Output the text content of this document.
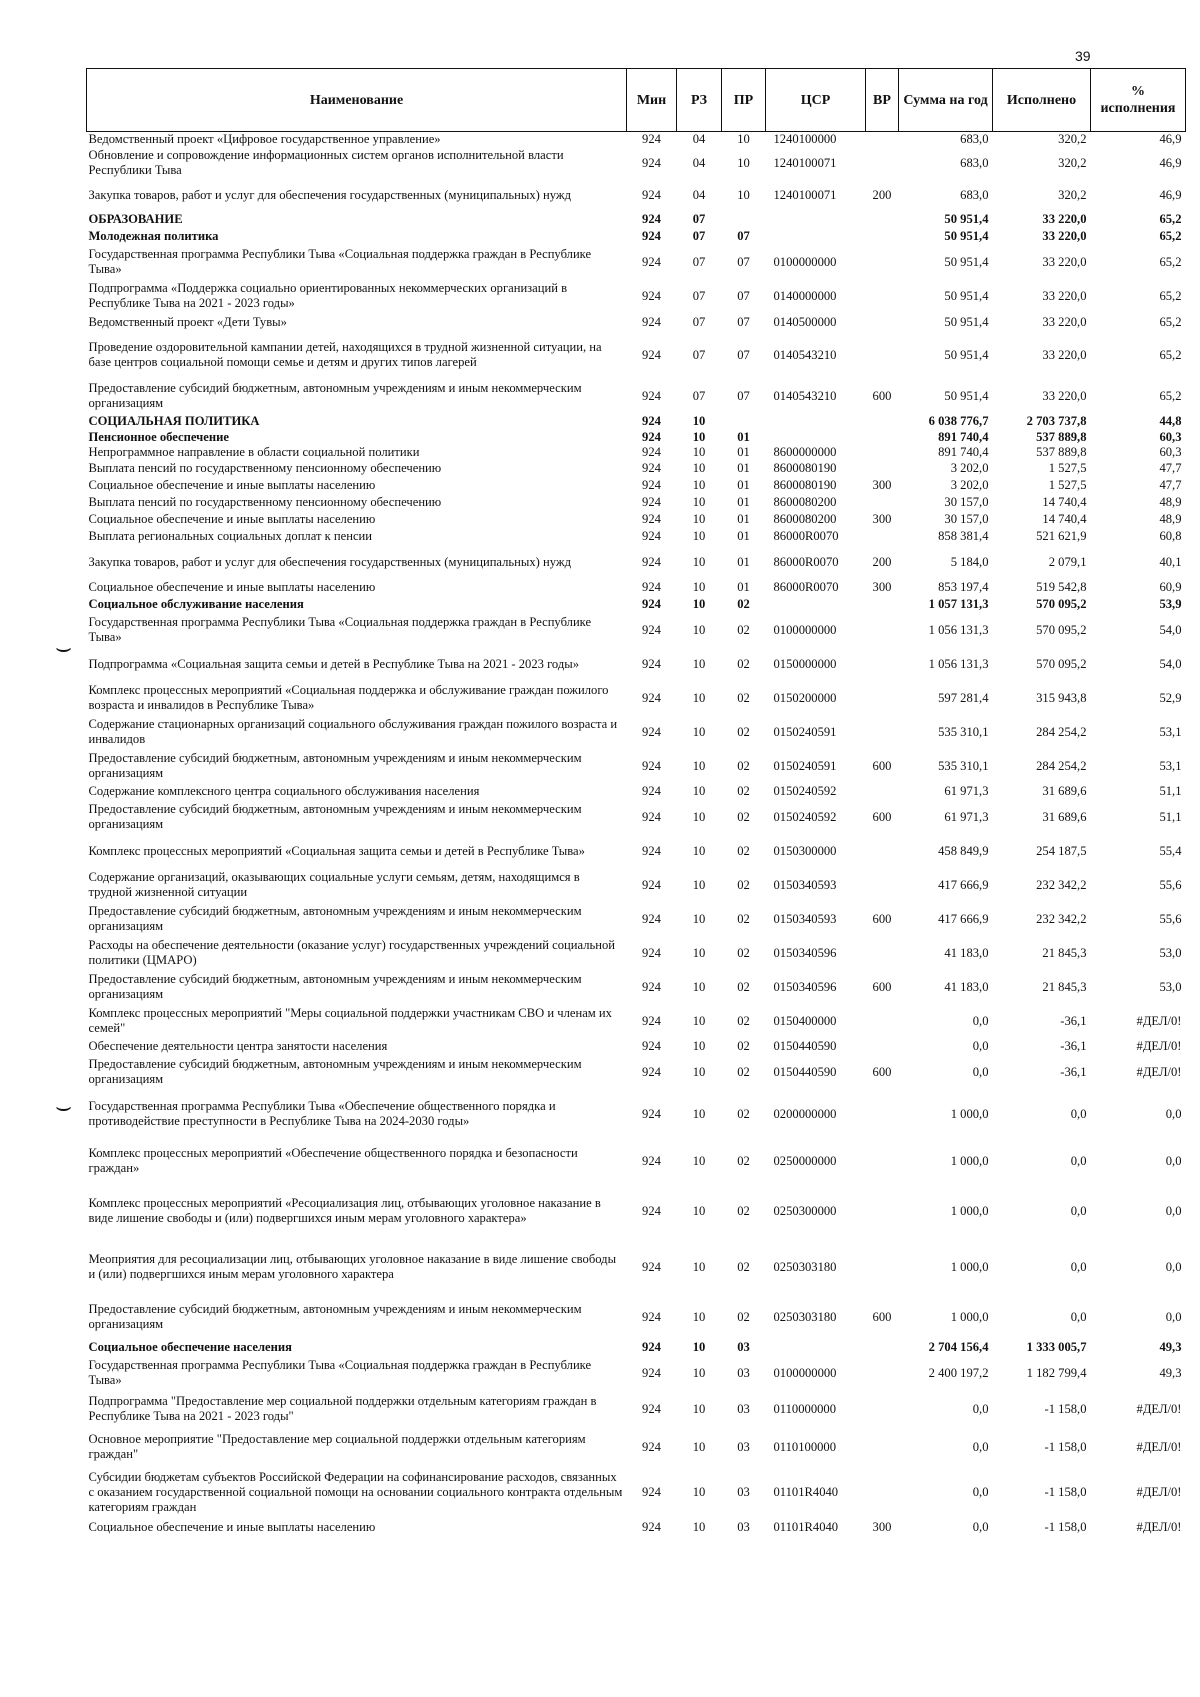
39
⌣
⌣
Наименование	Мин	РЗ	ПР	ЦСР	ВР	Сумма на год	Исполнено	% исполнения
Ведомственный проект «Цифровое государственное управление»	924	04	10	1240100000		683,0	320,2	46,9
Обновление и сопровождение информационных систем органов исполнительной власти Республики Тыва	924	04	10	1240100071		683,0	320,2	46,9
Закупка товаров, работ и услуг для обеспечения государственных (муниципальных) нужд	924	04	10	1240100071	200	683,0	320,2	46,9
ОБРАЗОВАНИЕ	924	07				50 951,4	33 220,0	65,2
Молодежная политика	924	07	07			50 951,4	33 220,0	65,2
Государственная программа Республики Тыва «Социальная поддержка граждан в Республике Тыва»	924	07	07	0100000000		50 951,4	33 220,0	65,2
Подпрограмма «Поддержка социально ориентированных некоммерческих организаций в Республике Тыва на 2021 - 2023 годы»	924	07	07	0140000000		50 951,4	33 220,0	65,2
Ведомственный проект «Дети Тувы»	924	07	07	0140500000		50 951,4	33 220,0	65,2
Проведение оздоровительной кампании детей, находящихся в трудной жизненной ситуации, на базе центров социальной помощи семье и детям и других типов лагерей	924	07	07	0140543210		50 951,4	33 220,0	65,2
Предоставление субсидий бюджетным, автономным учреждениям и иным некоммерческим организациям	924	07	07	0140543210	600	50 951,4	33 220,0	65,2
СОЦИАЛЬНАЯ ПОЛИТИКА	924	10				6 038 776,7	2 703 737,8	44,8
Пенсионное обеспечение	924	10	01			891 740,4	537 889,8	60,3
Непрограммное направление в области социальной политики	924	10	01	8600000000		891 740,4	537 889,8	60,3
Выплата пенсий по государственному пенсионному обеспечению	924	10	01	8600080190		3 202,0	1 527,5	47,7
Социальное обеспечение и иные выплаты населению	924	10	01	8600080190	300	3 202,0	1 527,5	47,7
Выплата пенсий по государственному пенсионному обеспечению	924	10	01	8600080200		30 157,0	14 740,4	48,9
Социальное обеспечение и иные выплаты населению	924	10	01	8600080200	300	30 157,0	14 740,4	48,9
Выплата региональных социальных доплат к пенсии	924	10	01	86000R0070		858 381,4	521 621,9	60,8
Закупка товаров, работ и услуг для обеспечения государственных (муниципальных) нужд	924	10	01	86000R0070	200	5 184,0	2 079,1	40,1
Социальное обеспечение и иные выплаты населению	924	10	01	86000R0070	300	853 197,4	519 542,8	60,9
Социальное обслуживание населения	924	10	02			1 057 131,3	570 095,2	53,9
Государственная программа Республики Тыва «Социальная поддержка граждан в Республике Тыва»	924	10	02	0100000000		1 056 131,3	570 095,2	54,0
Подпрограмма «Социальная защита семьи и детей в Республике Тыва на 2021 - 2023 годы»	924	10	02	0150000000		1 056 131,3	570 095,2	54,0
Комплекс процессных мероприятий «Социальная поддержка и обслуживание граждан пожилого возраста и инвалидов в Республике Тыва»	924	10	02	0150200000		597 281,4	315 943,8	52,9
Содержание стационарных организаций социального обслуживания граждан пожилого возраста и инвалидов	924	10	02	0150240591		535 310,1	284 254,2	53,1
Предоставление субсидий бюджетным, автономным учреждениям и иным некоммерческим организациям	924	10	02	0150240591	600	535 310,1	284 254,2	53,1
Содержание комплексного центра социального обслуживания населения	924	10	02	0150240592		61 971,3	31 689,6	51,1
Предоставление субсидий бюджетным, автономным учреждениям и иным некоммерческим организациям	924	10	02	0150240592	600	61 971,3	31 689,6	51,1
Комплекс процессных мероприятий «Социальная защита семьи и детей в Республике Тыва»	924	10	02	0150300000		458 849,9	254 187,5	55,4
Содержание организаций, оказывающих социальные услуги семьям, детям, находящимся в трудной жизненной ситуации	924	10	02	0150340593		417 666,9	232 342,2	55,6
Предоставление субсидий бюджетным, автономным учреждениям и иным некоммерческим организациям	924	10	02	0150340593	600	417 666,9	232 342,2	55,6
Расходы на обеспечение деятельности (оказание услуг) государственных учреждений социальной политики (ЦМАРО)	924	10	02	0150340596		41 183,0	21 845,3	53,0
Предоставление субсидий бюджетным, автономным учреждениям и иным некоммерческим организациям	924	10	02	0150340596	600	41 183,0	21 845,3	53,0
Комплекс процессных мероприятий "Меры социальной поддержки участникам СВО и членам их семей"	924	10	02	0150400000		0,0	-36,1	#ДЕЛ/0!
Обеспечение деятельности центра занятости населения	924	10	02	0150440590		0,0	-36,1	#ДЕЛ/0!
Предоставление субсидий бюджетным, автономным учреждениям и иным некоммерческим организациям	924	10	02	0150440590	600	0,0	-36,1	#ДЕЛ/0!
Государственная программа Республики Тыва «Обеспечение общественного порядка и противодействие преступности в Республике Тыва на 2024-2030 годы»	924	10	02	0200000000		1 000,0	0,0	0,0
Комплекс процессных мероприятий «Обеспечение общественного порядка и безопасности граждан»	924	10	02	0250000000		1 000,0	0,0	0,0
Комплекс процессных мероприятий «Ресоциализация лиц, отбывающих уголовное наказание в виде лишение свободы и (или) подвергшихся иным мерам уголовного характера»	924	10	02	0250300000		1 000,0	0,0	0,0
Меоприятия для ресоциализации лиц, отбывающих уголовное наказание в виде лишение свободы и (или) подвергшихся иным мерам уголовного характера	924	10	02	0250303180		1 000,0	0,0	0,0
Предоставление субсидий бюджетным, автономным учреждениям и иным некоммерческим организациям	924	10	02	0250303180	600	1 000,0	0,0	0,0
Социальное обеспечение населения	924	10	03			2 704 156,4	1 333 005,7	49,3
Государственная программа Республики Тыва «Социальная поддержка граждан в Республике Тыва»	924	10	03	0100000000		2 400 197,2	1 182 799,4	49,3
Подпрограмма "Предоставление мер социальной поддержки отдельным категориям граждан в Республике Тыва на 2021 - 2023 годы"	924	10	03	0110000000		0,0	-1 158,0	#ДЕЛ/0!
Основное мероприятие "Предоставление мер социальной поддержки отдельным категориям граждан"	924	10	03	0110100000		0,0	-1 158,0	#ДЕЛ/0!
Субсидии бюджетам субъектов Российской Федерации на софинансирование расходов, связанных с оказанием государственной социальной помощи на основании социального контракта отдельным категориям граждан	924	10	03	01101R4040		0,0	-1 158,0	#ДЕЛ/0!
Социальное обеспечение и иные выплаты населению	924	10	03	01101R4040	300	0,0	-1 158,0	#ДЕЛ/0!
